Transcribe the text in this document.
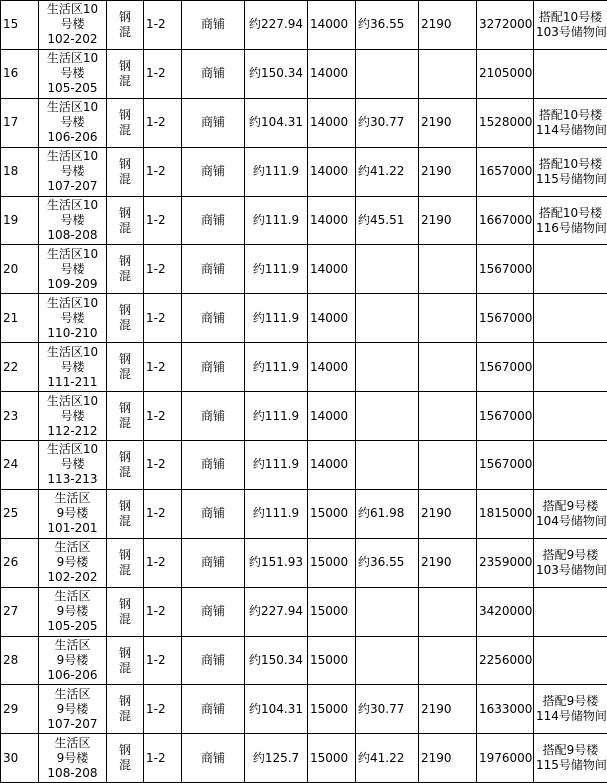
15	生活区10
号楼
102-202	钢
混	1-2	商铺	约227.94	14000	约36.55	2190	3272000	搭配10号楼
103号储物间

16	生活区10
号楼
105-205	钢
混	1-2	商铺	约150.34	14000			2105000	

17	生活区10
号楼
106-206	钢
混	1-2	商铺	约104.31	14000	约30.77	2190	1528000	搭配10号楼
114号储物间

18	生活区10
号楼
107-207	钢
混	1-2	商铺	约111.9	14000	约41.22	2190	1657000	搭配10号楼
115号储物间

19	生活区10
号楼
108-208	钢
混	1-2	商铺	约111.9	14000	约45.51	2190	1667000	搭配10号楼
116号储物间

20	生活区10
号楼
109-209	钢
混	1-2	商铺	约111.9	14000			1567000	

21	生活区10
号楼
110-210	钢
混	1-2	商铺	约111.9	14000			1567000	

22	生活区10
号楼
111-211	钢
混	1-2	商铺	约111.9	14000			1567000	

23	生活区10
号楼
112-212	钢
混	1-2	商铺	约111.9	14000			1567000	

24	生活区10
号楼
113-213	钢
混	1-2	商铺	约111.9	14000			1567000	

25	生活区
9号楼
101-201	钢
混	1-2	商铺	约111.9	15000	约61.98	2190	1815000	搭配9号楼
104号储物间

26	生活区
9号楼
102-202	钢
混	1-2	商铺	约151.93	15000	约36.55	2190	2359000	搭配9号楼
103号储物间

27	生活区
9号楼
105-205	钢
混	1-2	商铺	约227.94	15000			3420000	

28	生活区
9号楼
106-206	钢
混	1-2	商铺	约150.34	15000			2256000	

29	生活区
9号楼
107-207	钢
混	1-2	商铺	约104.31	15000	约30.77	2190	1633000	搭配9号楼
114号储物间

30	生活区
9号楼
108-208	钢
混	1-2	商铺	约125.7	15000	约41.22	2190	1976000	搭配9号楼
115号储物间
